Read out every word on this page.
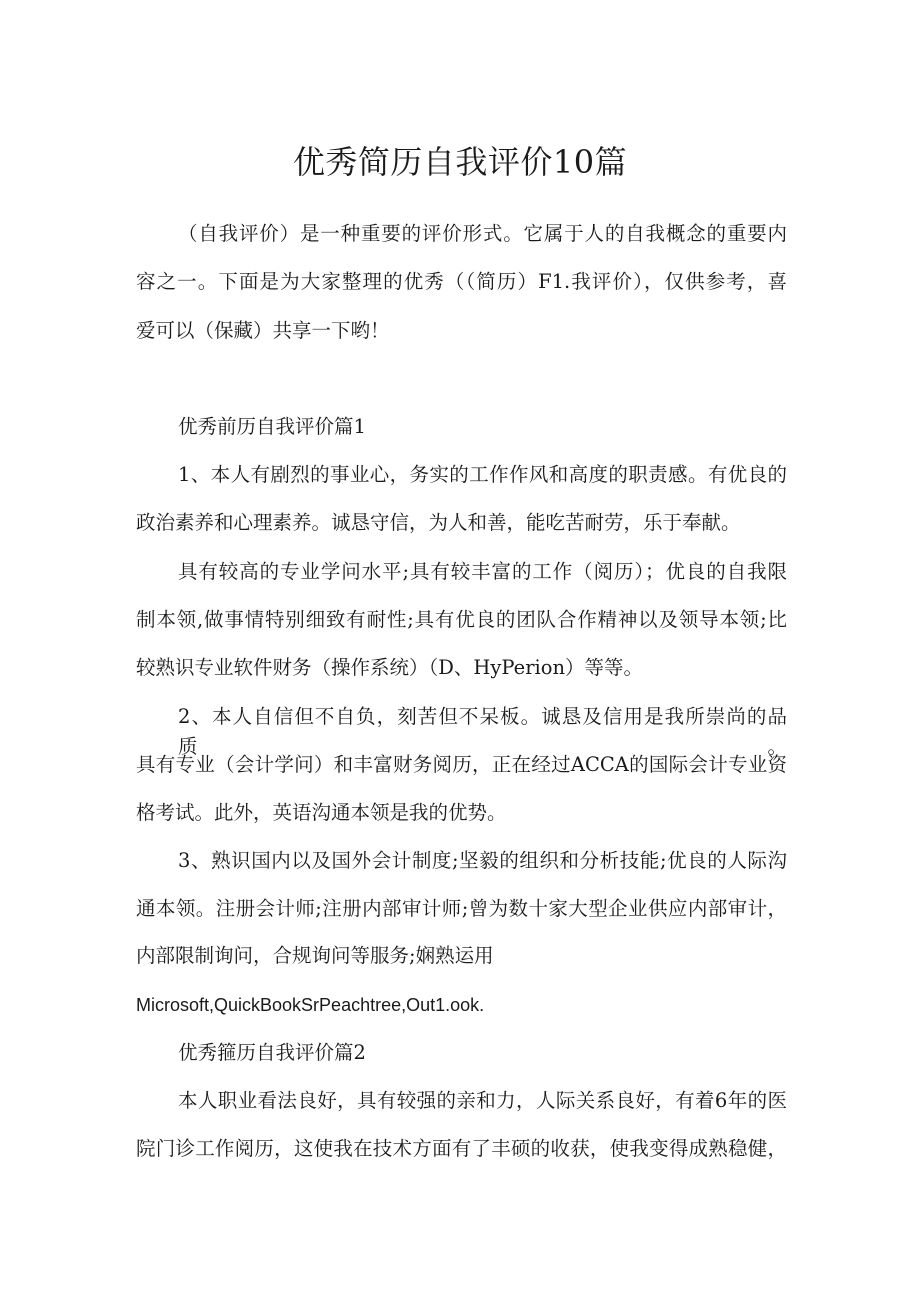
优秀简历自我评价10篇

（自我评价）是一种重要的评价形式。它属于人的自我概念的重要内

容之一。下面是为大家整理的优秀（（简历）F1.我评价），仅供参考，喜

爱可以（保藏）共享一下哟！

优秀前历自我评价篇1

1、本人有剧烈的事业心，务实的工作作风和高度的职责感。有优良的

政治素养和心理素养。诚恳守信，为人和善，能吃苦耐劳，乐于奉献。

具有较高的专业学问水平;具有较丰富的工作（阅历）；优良的自我限

制本领,做事情特别细致有耐性;具有优良的团队合作精神以及领导本领;比

较熟识专业软件财务（操作系统）（D、HyPerion）等等。

2、本人自信但不自负，刻苦但不呆板。诚恳及信用是我所崇尚的品质。

具有专业（会计学问）和丰富财务阅历，正在经过ACCA的国际会计专业资

格考试。此外，英语沟通本领是我的优势。

3、熟识国内以及国外会计制度;坚毅的组织和分析技能;优良的人际沟

通本领。注册会计师;注册内部审计师;曾为数十家大型企业供应内部审计，

内部限制询问，合规询问等服务;娴熟运用

Microsoft,QuickBookSrPeachtree,Out1.ook.

优秀箍历自我评价篇2

本人职业看法良好，具有较强的亲和力，人际关系良好，有着6年的医

院门诊工作阅历，这使我在技术方面有了丰硕的收获，使我变得成熟稳健，
